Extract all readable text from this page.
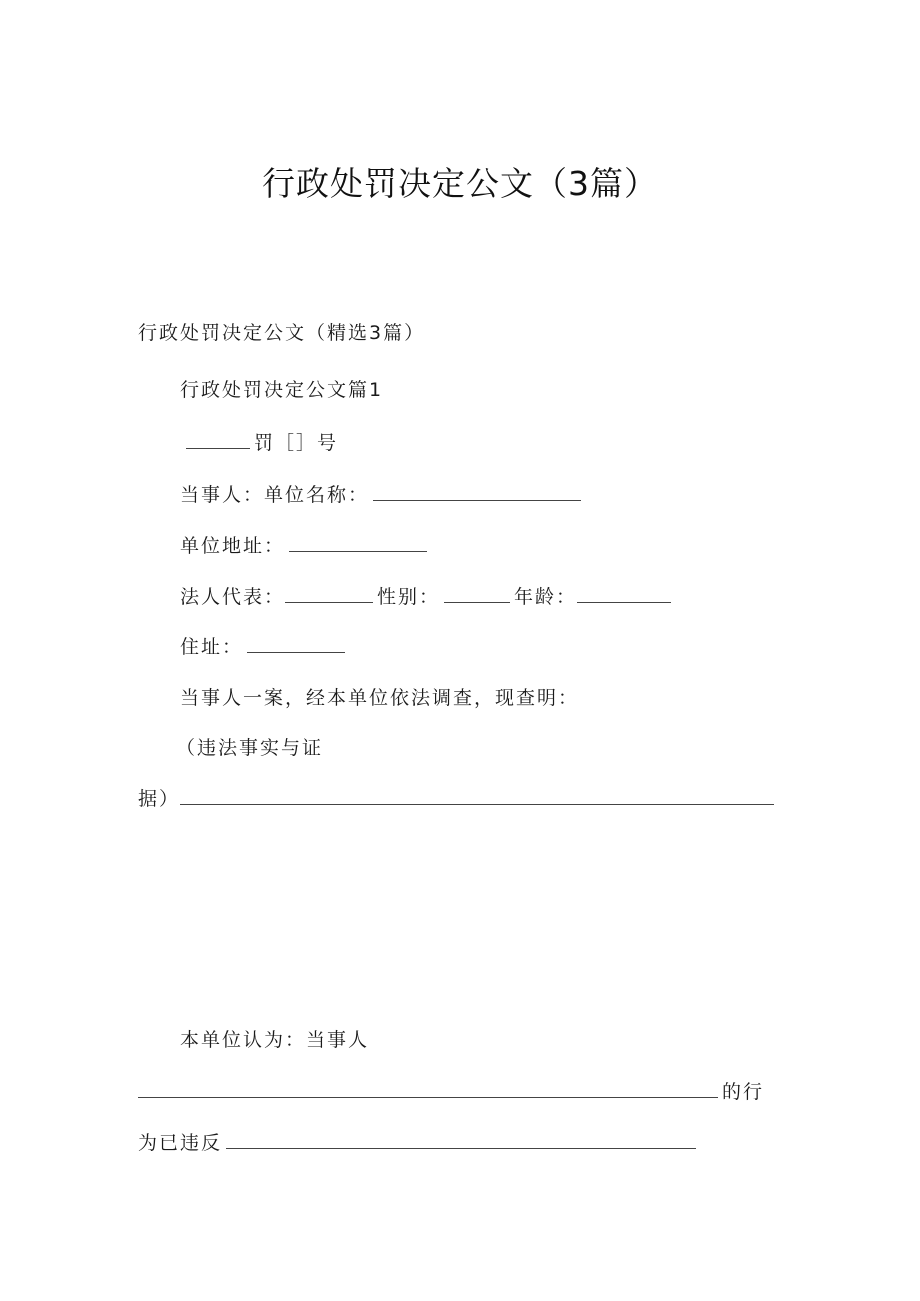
行政处罚决定公文（3篇）
行政处罚决定公文（精选3篇）
行政处罚决定公文篇1
罚［］号
当事人：单位名称：
单位地址：
法人代表：	性别：	年龄：
住址：
当事人一案，经本单位依法调查，现查明：
（违法事实与证
据）
本单位认为：当事人
的行
为已违反
